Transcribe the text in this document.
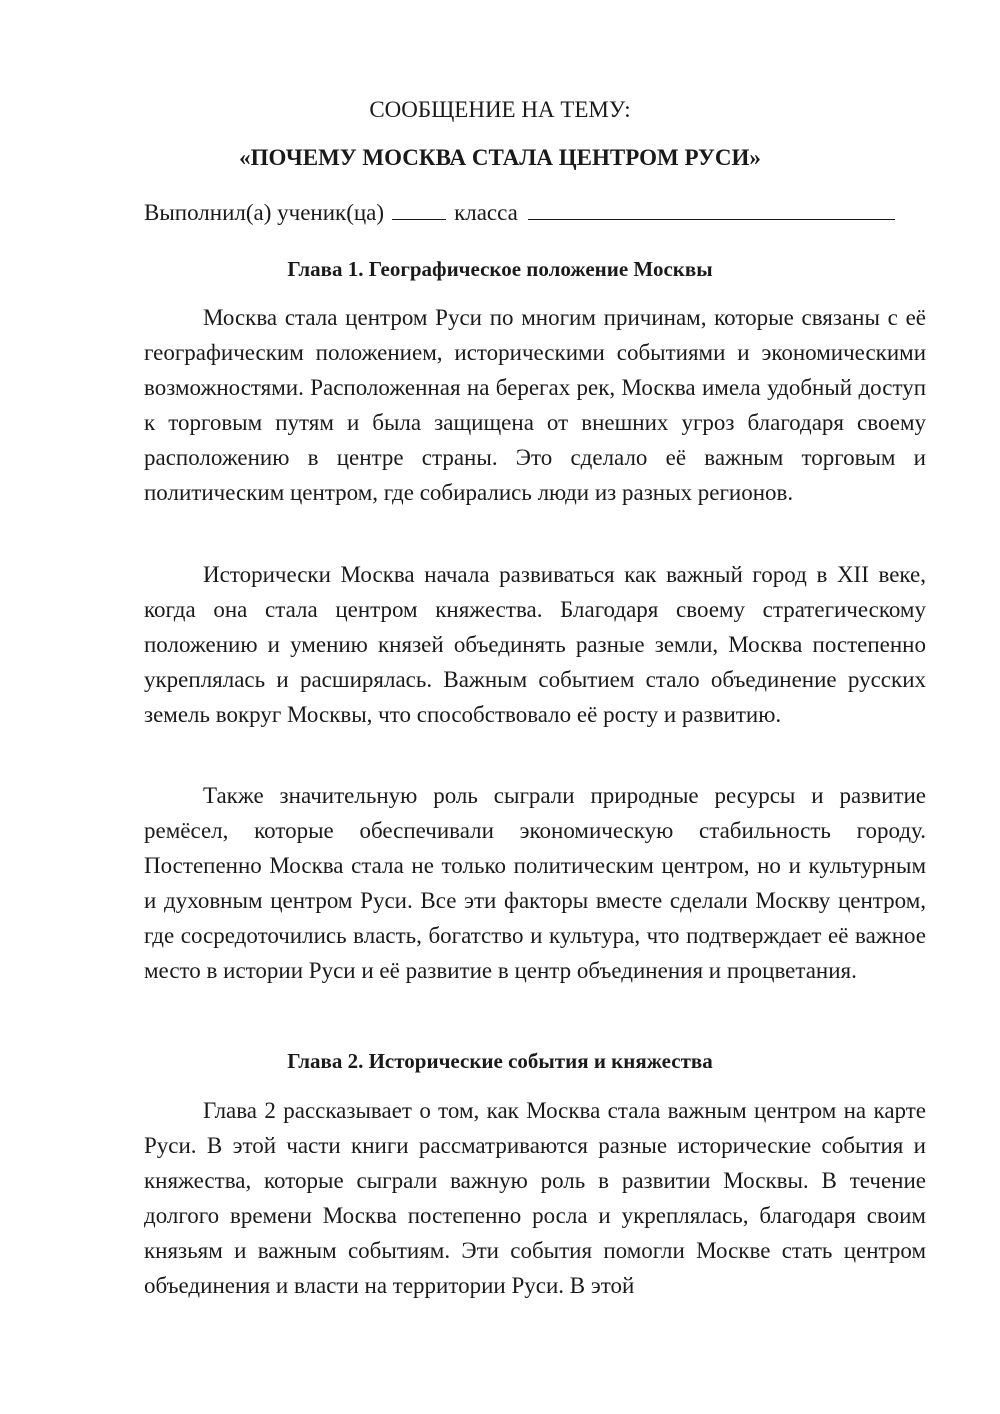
СООБЩЕНИЕ НА ТЕМУ:
«ПОЧЕМУ МОСКВА СТАЛА ЦЕНТРОМ РУСИ»
Выполнил(а) ученик(ца)	класса
Глава 1. Географическое положение Москвы

Москва стала центром Руси по многим причинам, которые связаны с её географическим положением, историческими событиями и экономическими возможностями. Расположенная на берегах рек, Москва имела удобный доступ к торговым путям и была защищена от внешних угроз благодаря своему расположению в центре страны. Это сделало её важным торговым и политическим центром, где собирались люди из разных регионов.

Исторически Москва начала развиваться как важный город в XII веке, когда она стала центром княжества. Благодаря своему стратегическому положению и умению князей объединять разные земли, Москва постепенно укреплялась и расширялась. Важным событием стало объединение русских земель вокруг Москвы, что способствовало её росту и развитию.

Также значительную роль сыграли природные ресурсы и развитие ремёсел, которые обеспечивали экономическую стабильность городу. Постепенно Москва стала не только политическим центром, но и культурным и духовным центром Руси. Все эти факторы вместе сделали Москву центром, где сосредоточились власть, богатство и культура, что подтверждает её важное место в истории Руси и её развитие в центр объединения и процветания.

Глава 2. Исторические события и княжества

Глава 2 рассказывает о том, как Москва стала важным центром на карте Руси. В этой части книги рассматриваются разные исторические события и княжества, которые сыграли важную роль в развитии Москвы. В течение долгого времени Москва постепенно росла и укреплялась, благодаря своим князьям и важным событиям. Эти события помогли Москве стать центром объединения и власти на территории Руси. В этой
